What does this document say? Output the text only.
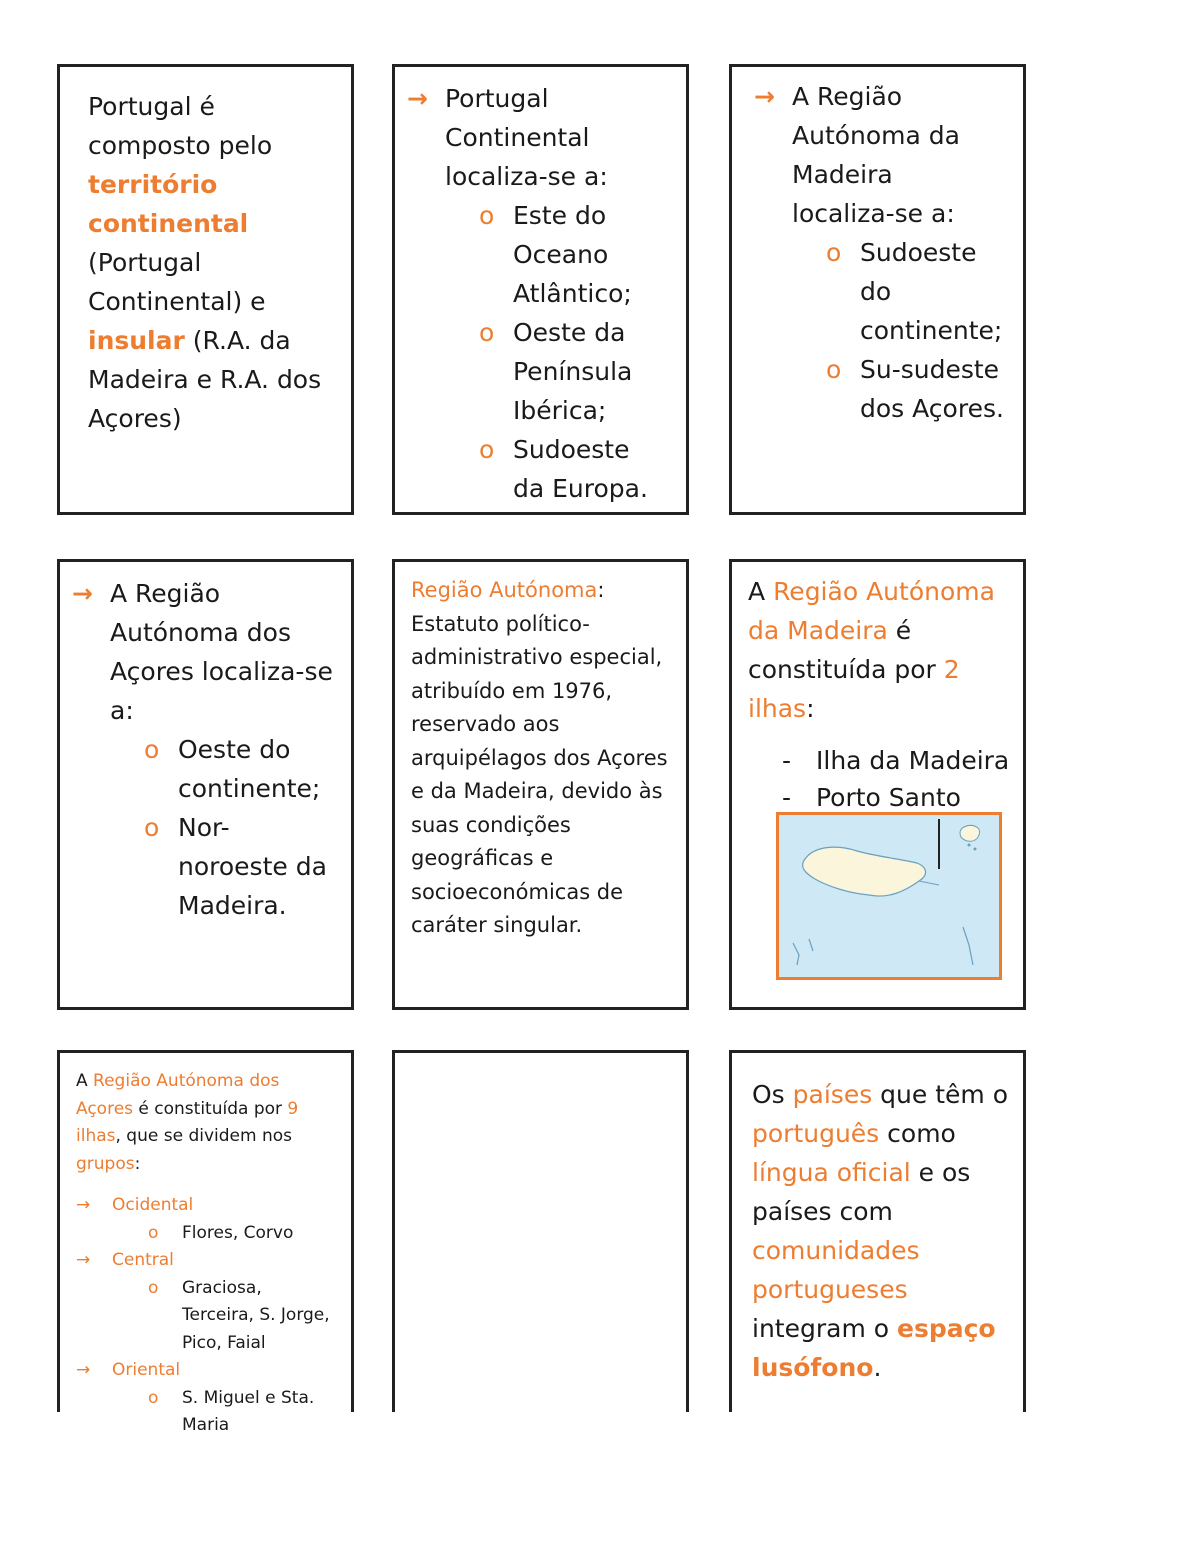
Portugal é composto pelo território continental (Portugal Continental) e insular (R.A. da Madeira e R.A. dos Açores)
→ Portugal Continental localiza-se a:
o Este do Oceano Atlântico;
o Oeste da Península Ibérica;
o Sudoeste da Europa.
→ A Região Autónoma da Madeira localiza-se a:
o Sudoeste do continente;
o Su-sudeste dos Açores.
→ A Região Autónoma dos Açores localiza-se a:
o Oeste do continente;
o Nor-noroeste da Madeira.
Região Autónoma:
Estatuto político-administrativo especial, atribuído em 1976, reservado aos arquipélagos dos Açores e da Madeira, devido às suas condições geográficas e socioeconómicas de caráter singular.
A Região Autónoma da Madeira é constituída por 2 ilhas:
- Ilha da Madeira
- Porto Santo
A Região Autónoma dos Açores é constituída por 9 ilhas, que se dividem nos grupos:
→	Ocidental
o	Flores, Corvo
→	Central
o	Graciosa, Terceira, S. Jorge, Pico, Faial
→	Oriental
o	S. Miguel e Sta. Maria
Os países que têm o português como língua oficial e os países com comunidades portugueses integram o espaço lusófono.
